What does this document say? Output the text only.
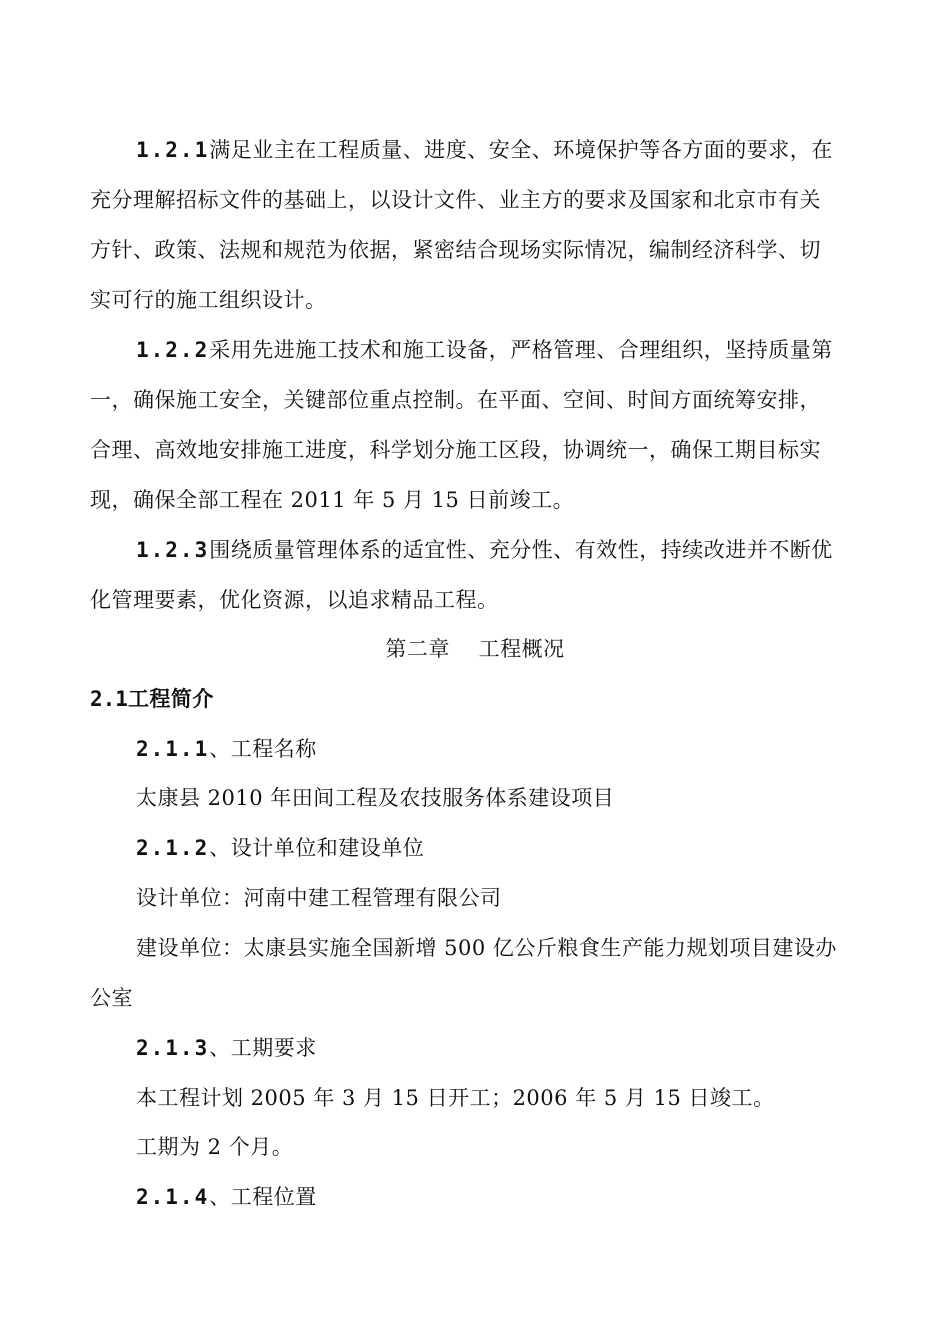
1.2.1满足业主在工程质量、进度、安全、环境保护等各方面的要求，在
充分理解招标文件的基础上，以设计文件、业主方的要求及国家和北京市有关
方针、政策、法规和规范为依据，紧密结合现场实际情况，编制经济科学、切
实可行的施工组织设计。
1.2.2采用先进施工技术和施工设备，严格管理、合理组织，坚持质量第
一，确保施工安全，关键部位重点控制。在平面、空间、时间方面统筹安排，
合理、高效地安排施工进度，科学划分施工区段，协调统一，确保工期目标实
现，确保全部工程在 2011 年 5 月 15 日前竣工。
1.2.3围绕质量管理体系的适宜性、充分性、有效性，持续改进并不断优
化管理要素，优化资源，以追求精品工程。
第二章　 工程概况
2.1工程简介
2.1.1、工程名称
太康县 2010 年田间工程及农技服务体系建设项目
2.1.2、设计单位和建设单位
设计单位：河南中建工程管理有限公司
建设单位：太康县实施全国新增 500 亿公斤粮食生产能力规划项目建设办
公室
2.1.3、工期要求
本工程计划 2005 年 3 月 15 日开工；2006 年 5 月 15 日竣工。
工期为 2 个月。
2.1.4、工程位置
